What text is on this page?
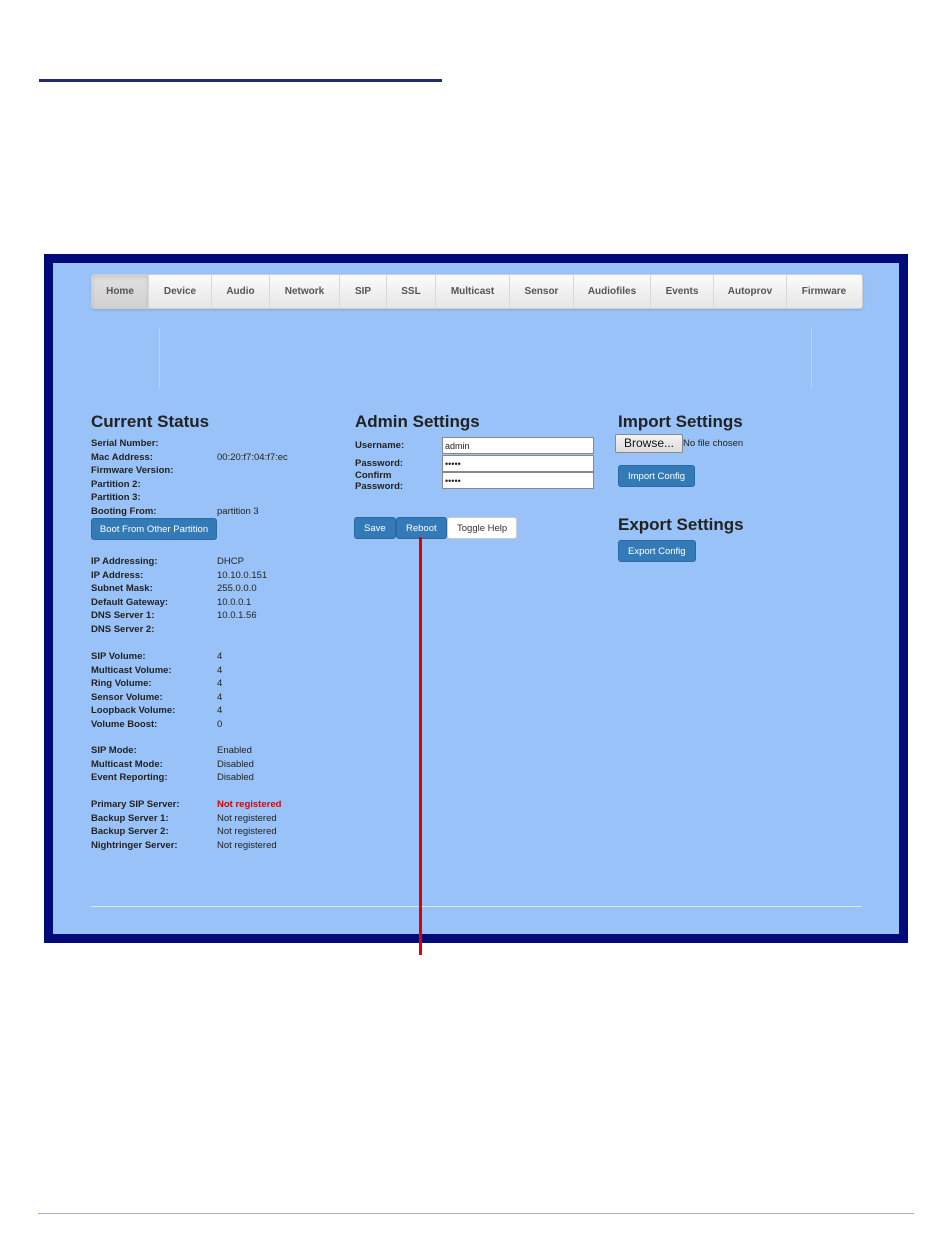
Home	Device	Audio	Network	SIP	SSL	Multicast	Sensor	Audiofiles	Events	Autoprov	Firmware
Current Status
Serial Number:
Mac Address:	00:20:f7:04:f7:ec
Firmware Version:
Partition 2:
Partition 3:
Booting From:	partition 3
Boot From Other Partition
IP Addressing:	DHCP
IP Address:	10.10.0.151
Subnet Mask:	255.0.0.0
Default Gateway:	10.0.0.1
DNS Server 1:	10.0.1.56
DNS Server 2:
SIP Volume:	4
Multicast Volume:	4
Ring Volume:	4
Sensor Volume:	4
Loopback Volume:	4
Volume Boost:	0
SIP Mode:	Enabled
Multicast Mode:	Disabled
Event Reporting:	Disabled
Primary SIP Server:	Not registered
Backup Server 1:	Not registered
Backup Server 2:	Not registered
Nightringer Server:	Not registered
Admin Settings
Username:
admin
Password:
•••••
Confirm Password:
•••••
Save	Reboot	Toggle Help
Import Settings
Browse... No file chosen
Import Config
Export Settings
Export Config
